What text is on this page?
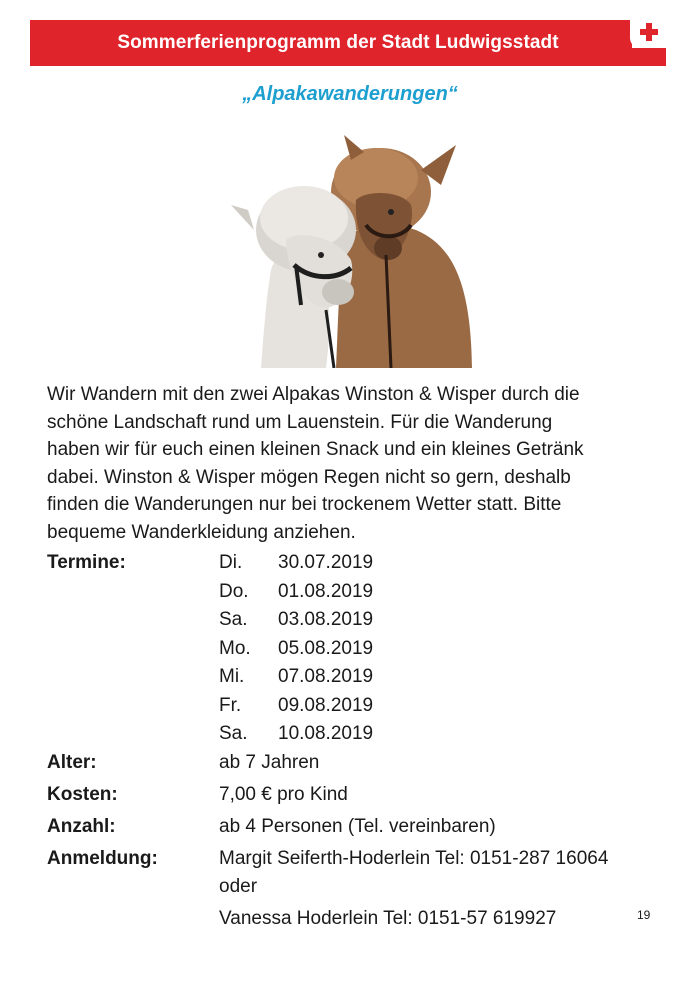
Sommerferienprogramm der Stadt Ludwigsstadt
„Alpakawanderungen“
Wir Wandern mit den zwei Alpakas Winston & Wisper durch die
schöne Landschaft rund um Lauenstein. Für die Wanderung
haben wir für euch einen kleinen Snack und ein kleines Getränk
dabei. Winston & Wisper mögen Regen nicht so gern, deshalb
finden die Wanderungen nur bei trockenem Wetter statt. Bitte
bequeme Wanderkleidung anziehen.
Termine:	Di. 30.07.2019
Do. 01.08.2019
Sa. 03.08.2019
Mo. 05.08.2019
Mi. 07.08.2019
Fr. 09.08.2019
Sa. 10.08.2019
Alter:	ab 7 Jahren
Kosten:	7,00 € pro Kind
Anzahl:	ab 4 Personen (Tel. vereinbaren)
Anmeldung:	Margit Seiferth-Hoderlein Tel: 0151-287 16064
oder
Vanessa Hoderlein Tel: 0151-57 619927	19
